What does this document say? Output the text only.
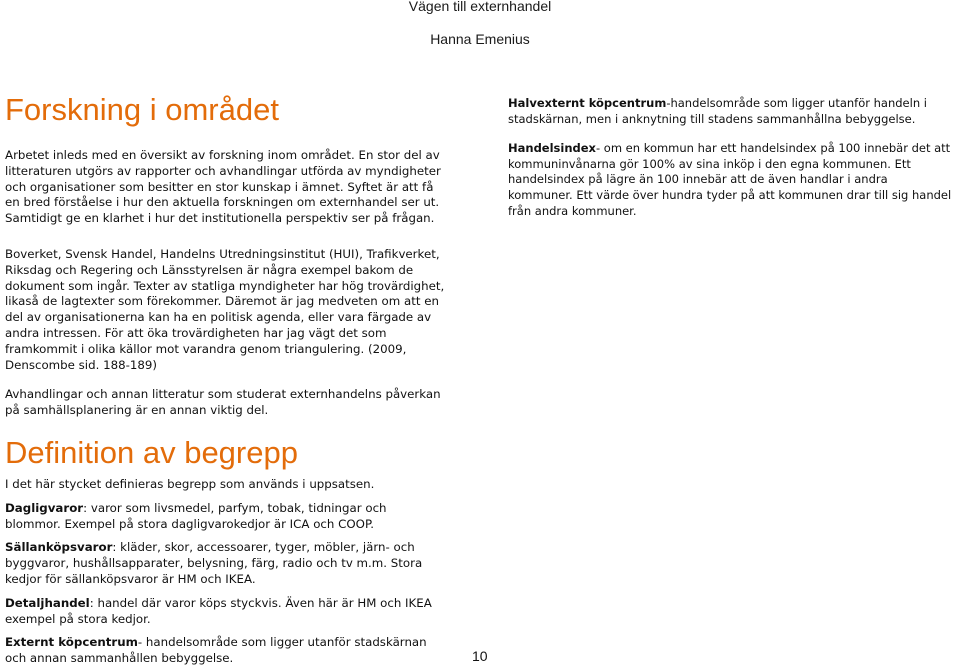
Vägen till externhandel
Hanna Emenius
Forskning i området

Arbetet inleds med en översikt av forskning inom området. En stor del av litteraturen utgörs av rapporter och avhandlingar utförda av myndigheter och organisationer som besitter en stor kunskap i ämnet. Syftet är att få en bred förståelse i hur den aktuella forskningen om externhandel ser ut. Samtidigt ge en klarhet i hur det institutionella perspektiv ser på frågan.

Boverket, Svensk Handel, Handelns Utredningsinstitut (HUI), Trafikverket, Riksdag och Regering och Länsstyrelsen är några exempel bakom de dokument som ingår. Texter av statliga myndigheter har hög trovärdighet, likaså de lagtexter som förekommer. Däremot är jag medveten om att en del av organisationerna kan ha en politisk agenda, eller vara färgade av andra intressen. För att öka trovärdigheten har jag vägt det som framkommit i olika källor mot varandra genom triangulering. (2009, Denscombe sid. 188-189)

Avhandlingar och annan litteratur som studerat externhandelns påverkan på samhällsplanering är en annan viktig del.

Definition av begrepp

I det här stycket definieras begrepp som används i uppsatsen.

Dagligvaror: varor som livsmedel, parfym, tobak, tidningar och blommor. Exempel på stora dagligvarokedjor är ICA och COOP.

Sällanköpsvaror: kläder, skor, accessoarer, tyger, möbler, järn- och byggvaror, hushållsapparater, belysning, färg, radio och tv m.m. Stora kedjor för sällanköpsvaror är HM och IKEA.

Detaljhandel: handel där varor köps styckvis. Även här är HM och IKEA exempel på stora kedjor.

Externt köpcentrum- handelsområde som ligger utanför stadskärnan och annan sammanhållen bebyggelse.

Halvexternt köpcentrum-handelsområde som ligger utanför handeln i stadskärnan, men i anknytning till stadens sammanhållna bebyggelse.

Handelsindex- om en kommun har ett handelsindex på 100 innebär det att kommuninvånarna gör 100% av sina inköp i den egna kommunen. Ett handelsindex på lägre än 100 innebär att de även handlar i andra kommuner. Ett värde över hundra tyder på att kommunen drar till sig handel från andra kommuner.

10
